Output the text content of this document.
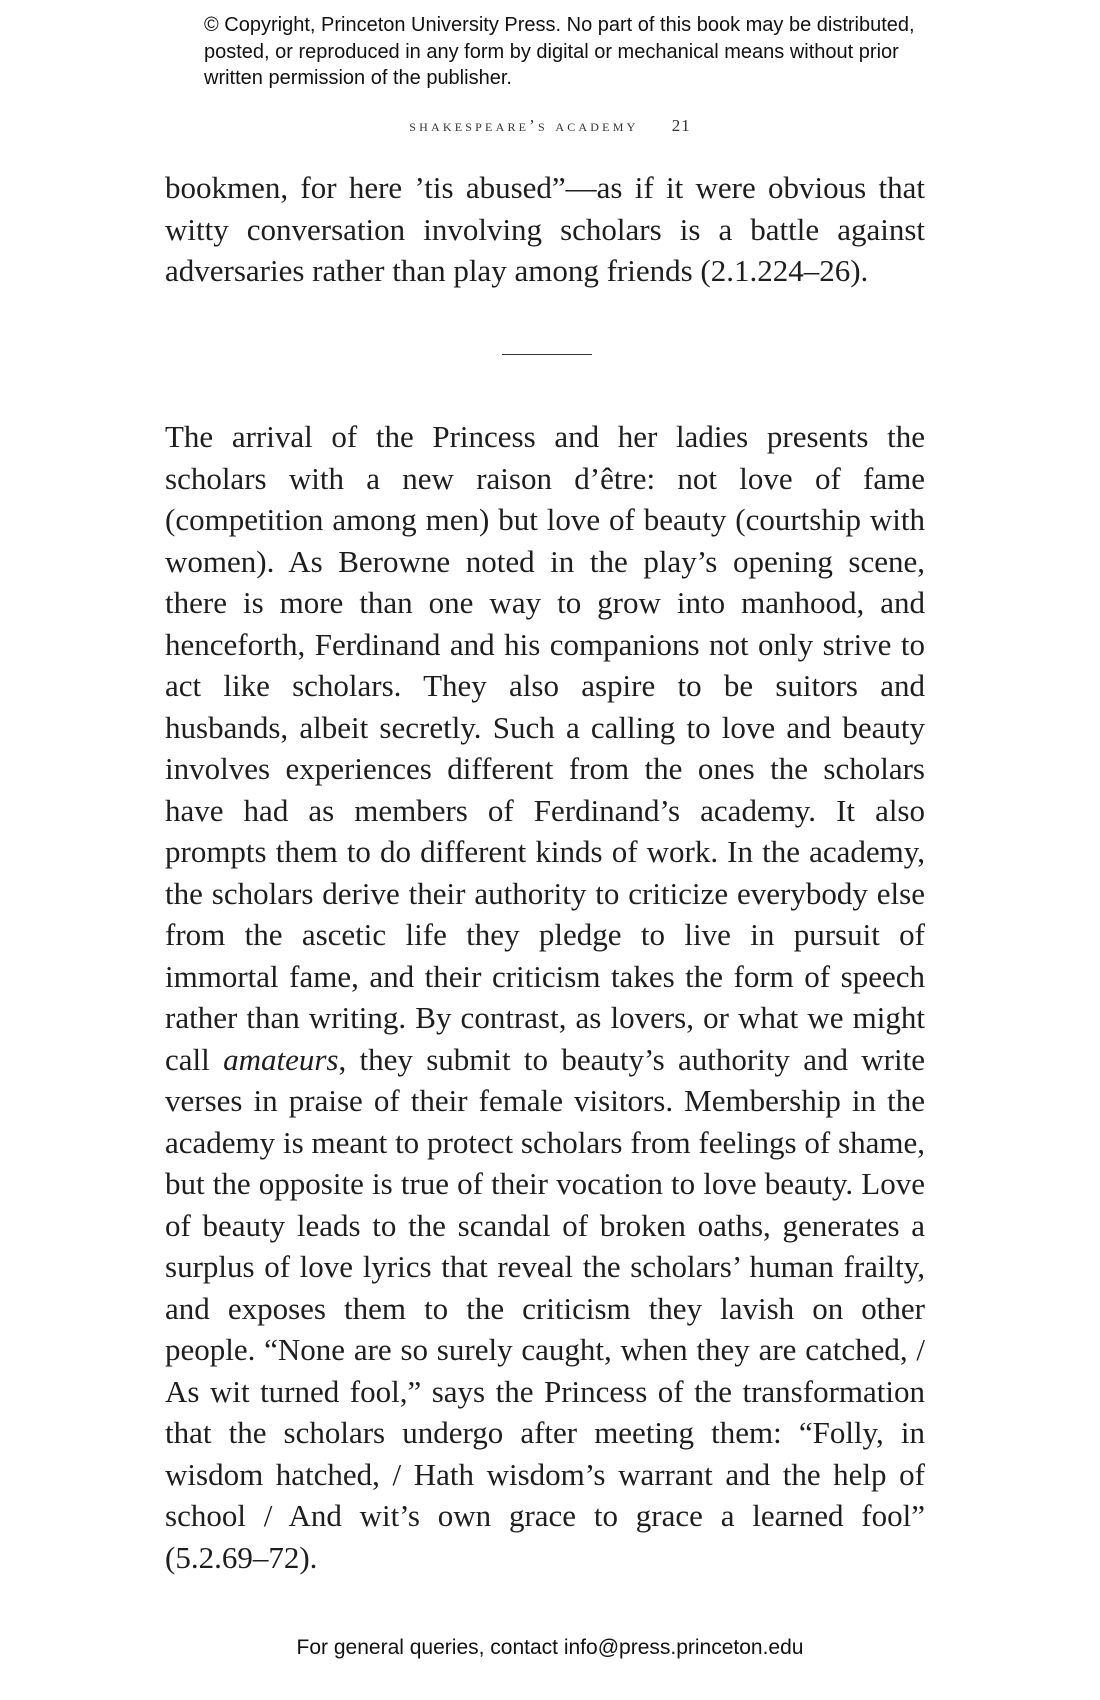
© Copyright, Princeton University Press. No part of this book may be distributed, posted, or reproduced in any form by digital or mechanical means without prior written permission of the publisher.

shakespeare’s academy 21

bookmen, for here ’tis abused”—as if it were obvious that witty conversation involving scholars is a battle against adversaries rather than play among friends (2.1.224–26).

The arrival of the Princess and her ladies presents the scholars with a new raison d’être: not love of fame (competition among men) but love of beauty (courtship with women). As Berowne noted in the play’s opening scene, there is more than one way to grow into manhood, and henceforth, Ferdinand and his companions not only strive to act like scholars. They also aspire to be suitors and husbands, albeit secretly. Such a calling to love and beauty involves experiences different from the ones the scholars have had as members of Ferdinand’s academy. It also prompts them to do different kinds of work. In the academy, the scholars derive their authority to criticize everybody else from the ascetic life they pledge to live in pursuit of immortal fame, and their criticism takes the form of speech rather than writing. By contrast, as lovers, or what we might call amateurs, they submit to beauty’s authority and write verses in praise of their female visitors. Membership in the academy is meant to protect scholars from feelings of shame, but the opposite is true of their vocation to love beauty. Love of beauty leads to the scandal of broken oaths, generates a surplus of love lyrics that reveal the scholars’ human frailty, and exposes them to the criticism they lavish on other people. “None are so surely caught, when they are catched, / As wit turned fool,” says the Princess of the transformation that the scholars undergo after meeting them: “Folly, in wisdom hatched, / Hath wisdom’s warrant and the help of school / And wit’s own grace to grace a learned fool” (5.2.69–72).

For general queries, contact info@press.princeton.edu
